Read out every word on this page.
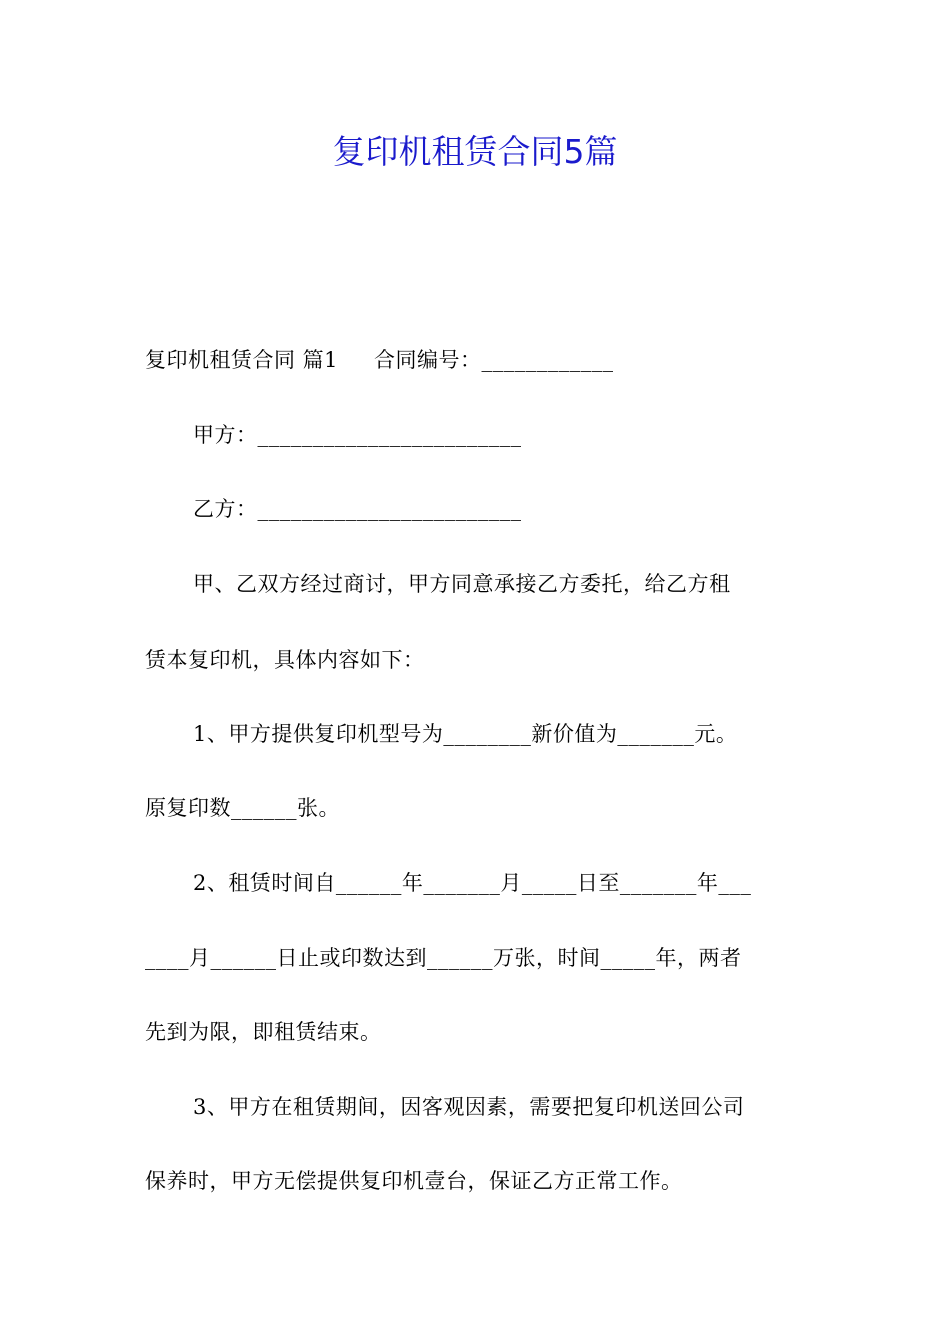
复印机租赁合同5篇
复印机租赁合同 篇1 合同编号：____________
甲方：________________________
乙方：________________________
甲、乙双方经过商讨，甲方同意承接乙方委托，给乙方租
赁本复印机，具体内容如下：
1、甲方提供复印机型号为________新价值为_______元。
原复印数______张。
2、租赁时间自______年_______月_____日至_______年___
____月______日止或印数达到______万张，时间_____年，两者
先到为限，即租赁结束。
3、甲方在租赁期间，因客观因素，需要把复印机送回公司
保养时，甲方无偿提供复印机壹台，保证乙方正常工作。
